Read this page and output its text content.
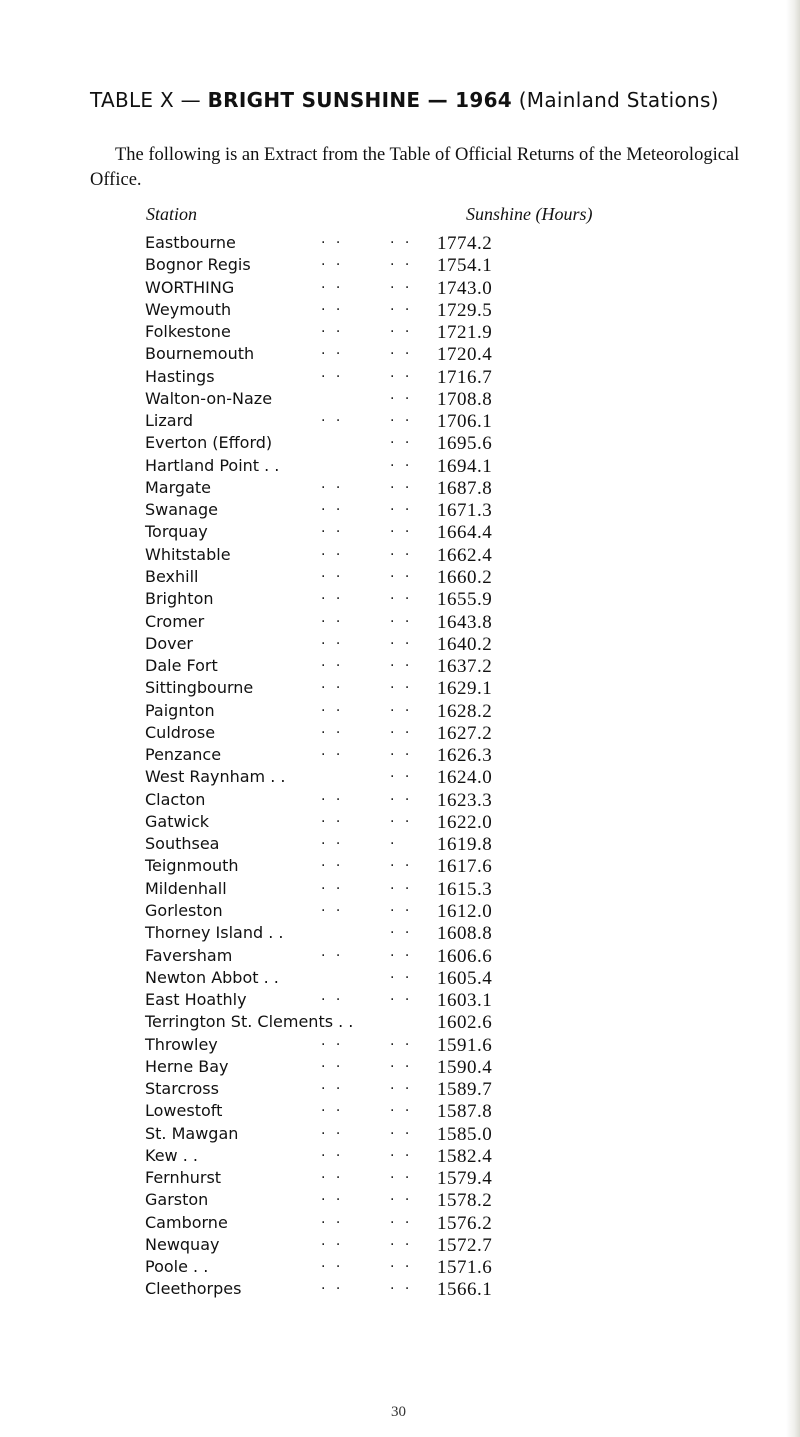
TABLE X — BRIGHT SUNSHINE — 1964 (Mainland Stations)

The following is an Extract from the Table of Official Returns of the Meteorological Office.

Station	Sunshine (Hours)
Eastbourne	. .	. . 1774.2
Bognor Regis	. .	. . 1754.1
WORTHING	. .	. . 1743.0
Weymouth	. .	. . 1729.5
Folkestone	. .	. . 1721.9
Bournemouth	. .	. . 1720.4
Hastings	. .	. . 1716.7
Walton-on-Naze	. . 1708.8
Lizard	. .	. . 1706.1
Everton (Efford)	. . 1695.6
Hartland Point . .	. . 1694.1
Margate	. .	. . 1687.8
Swanage	. .	. . 1671.3
Torquay	. .	. . 1664.4
Whitstable	. .	. . 1662.4
Bexhill	. .	. . 1660.2
Brighton	. .	. . 1655.9
Cromer	. .	. . 1643.8
Dover	. .	. . 1640.2
Dale Fort	. .	. . 1637.2
Sittingbourne	. .	. . 1629.1
Paignton	. .	. . 1628.2
Culdrose	. .	. . 1627.2
Penzance	. .	. . 1626.3
West Raynham . .	. . 1624.0
Clacton	. .	. . 1623.3
Gatwick	. .	. . 1622.0
Southsea	. .	. 1619.8
Teignmouth	. .	. . 1617.6
Mildenhall	. .	. . 1615.3
Gorleston	. .	. . 1612.0
Thorney Island . .	. . 1608.8
Faversham	. .	. . 1606.6
Newton Abbot . .	. . 1605.4
East Hoathly	. .	. . 1603.1
Terrington St. Clements . .	1602.6
Throwley	. .	. . 1591.6
Herne Bay	. .	. . 1590.4
Starcross	. .	. . 1589.7
Lowestoft	. .	. . 1587.8
St. Mawgan	. .	. . 1585.0
Kew . .	. .	. . 1582.4
Fernhurst	. .	. . 1579.4
Garston	. .	. . 1578.2
Camborne	. .	. . 1576.2
Newquay	. .	. . 1572.7
Poole . .	. .	. . 1571.6
Cleethorpes	. .	. . 1566.1
30
